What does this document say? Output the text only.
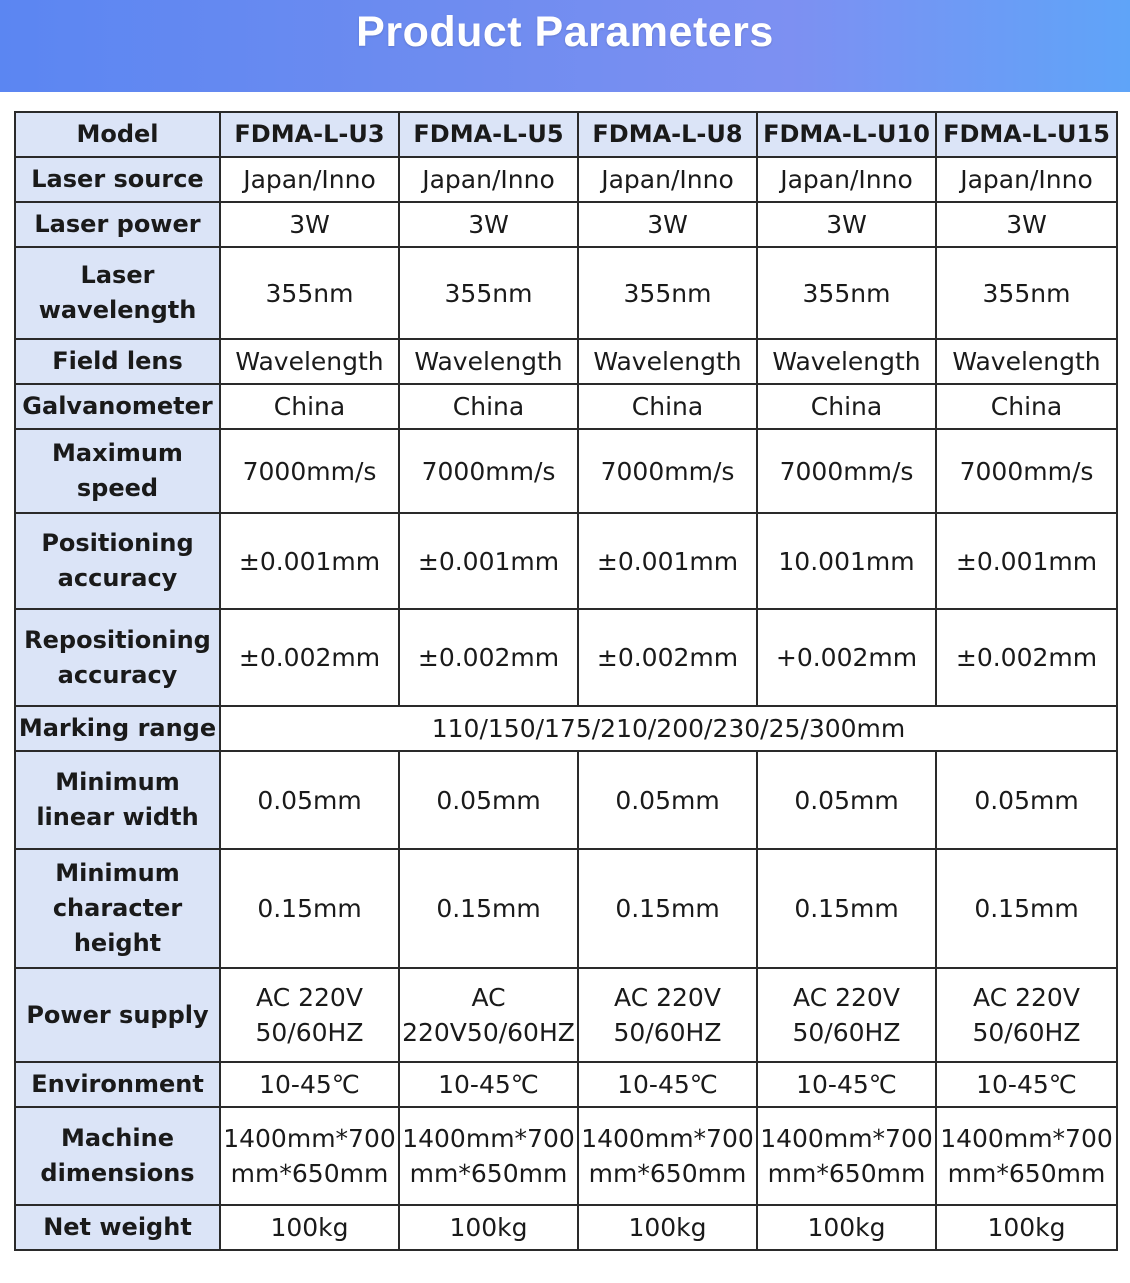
Product Parameters
Model	FDMA-L-U3	FDMA-L-U5	FDMA-L-U8	FDMA-L-U10	FDMA-L-U15
Laser source	Japan/Inno	Japan/Inno	Japan/Inno	Japan/Inno	Japan/Inno
Laser power	3W	3W	3W	3W	3W
Laser wavelength	355nm	355nm	355nm	355nm	355nm
Field lens	Wavelength	Wavelength	Wavelength	Wavelength	Wavelength
Galvanometer	China	China	China	China	China
Maximum speed	7000mm/s	7000mm/s	7000mm/s	7000mm/s	7000mm/s
Positioning accuracy	±0.001mm	±0.001mm	±0.001mm	10.001mm	±0.001mm
Repositioning accuracy	±0.002mm	±0.002mm	±0.002mm	+0.002mm	±0.002mm
Marking range	110/150/175/210/200/230/25/300mm				
Minimum linear width	0.05mm	0.05mm	0.05mm	0.05mm	0.05mm
Minimum character height	0.15mm	0.15mm	0.15mm	0.15mm	0.15mm
Power supply	AC 220V 50/60HZ	AC 220V50/60HZ	AC 220V 50/60HZ	AC 220V 50/60HZ	AC 220V 50/60HZ

Environment	10-45℃	10-45℃	10-45℃	10-45℃	10-45℃
Machine dimensions	1400mm*700mm*650mm	1400mm*700mm*650mm	1400mm*700mm*650mm	1400mm*700mm*650mm	1400mm*700mm*650mm
Net weight	100kg	100kg	100kg	100kg	100kg
